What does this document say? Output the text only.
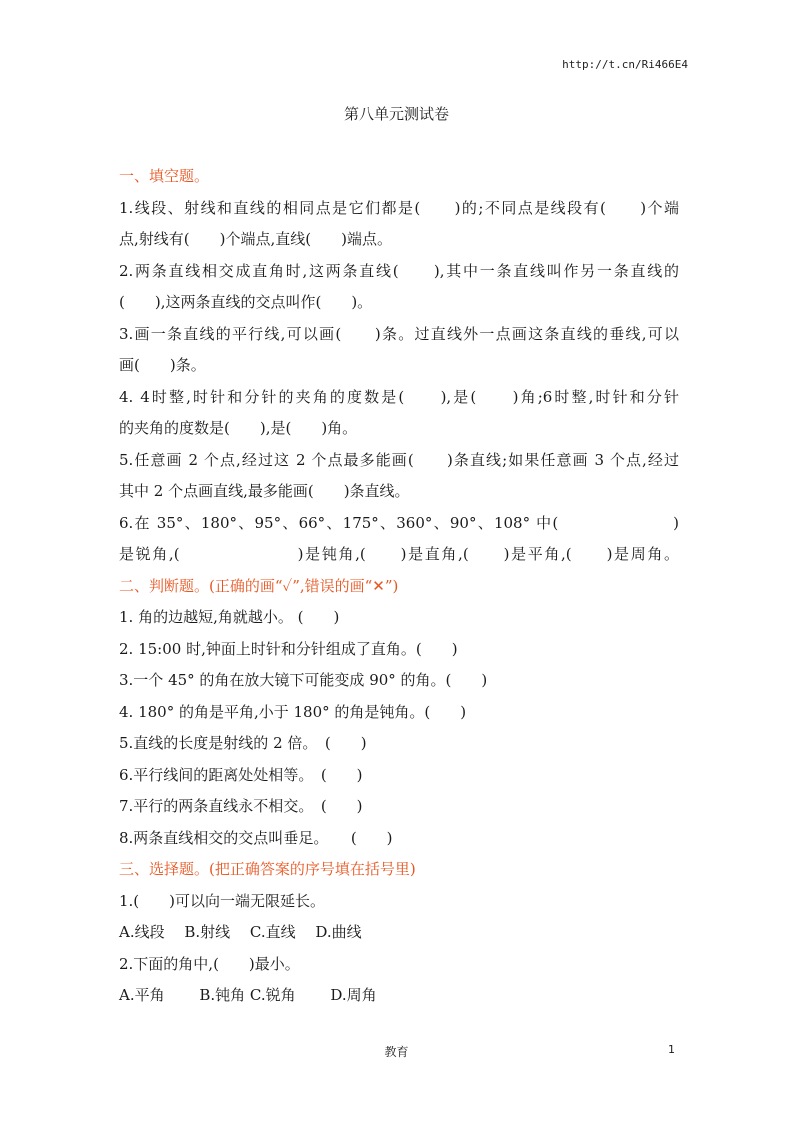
http://t.cn/Ri466E4
第八单元测试卷
一、填空题。
1.线段、射线和直线的相同点是它们都是(　　)的;不同点是线段有(　　)个端
点,射线有(　　)个端点,直线(　　)端点。
2.两条直线相交成直角时,这两条直线(　　),其中一条直线叫作另一条直线的
(　　),这两条直线的交点叫作(　　)。
3.画一条直线的平行线,可以画(　　)条。过直线外一点画这条直线的垂线,可以
画(　　)条。
4. 4时整,时针和分针的夹角的度数是(　　),是(　　)角;6时整,时针和分针
的夹角的度数是(　　),是(　　)角。
5.任意画 2 个点,经过这 2 个点最多能画(　　)条直线;如果任意画 3 个点,经过
其中 2 个点画直线,最多能画(　　)条直线。
6.在 35°、180°、95°、66°、175°、360°、90°、108° 中(　　　　　　　)
是锐角,(　　　　　　　)是钝角,(　　)是直角,(　　)是平角,(　　)是周角。
二、判断题。(正确的画“✓”,错误的画“✕”)
1. 角的边越短,角就越小。 (　　)
2. 15:00 时,钟面上时针和分针组成了直角。(　　)
3.一个 45° 的角在放大镜下可能变成 90° 的角。(　　)
4. 180° 的角是平角,小于 180° 的角是钝角。(　　)
5.直线的长度是射线的 2 倍。　(　　)
6.平行线间的距离处处相等。　(　　)
7.平行的两条直线永不相交。　(　　)
8.两条直线相交的交点叫垂足。　　(　　)
三、选择题。(把正确答案的序号填在括号里)
1.(　　)可以向一端无限延长。
A.线段　 B.射线　 C.直线　 D.曲线
2.下面的角中,(　　)最小。
A.平角　　 B.钝角 C.锐角　　 D.周角
教育	1
